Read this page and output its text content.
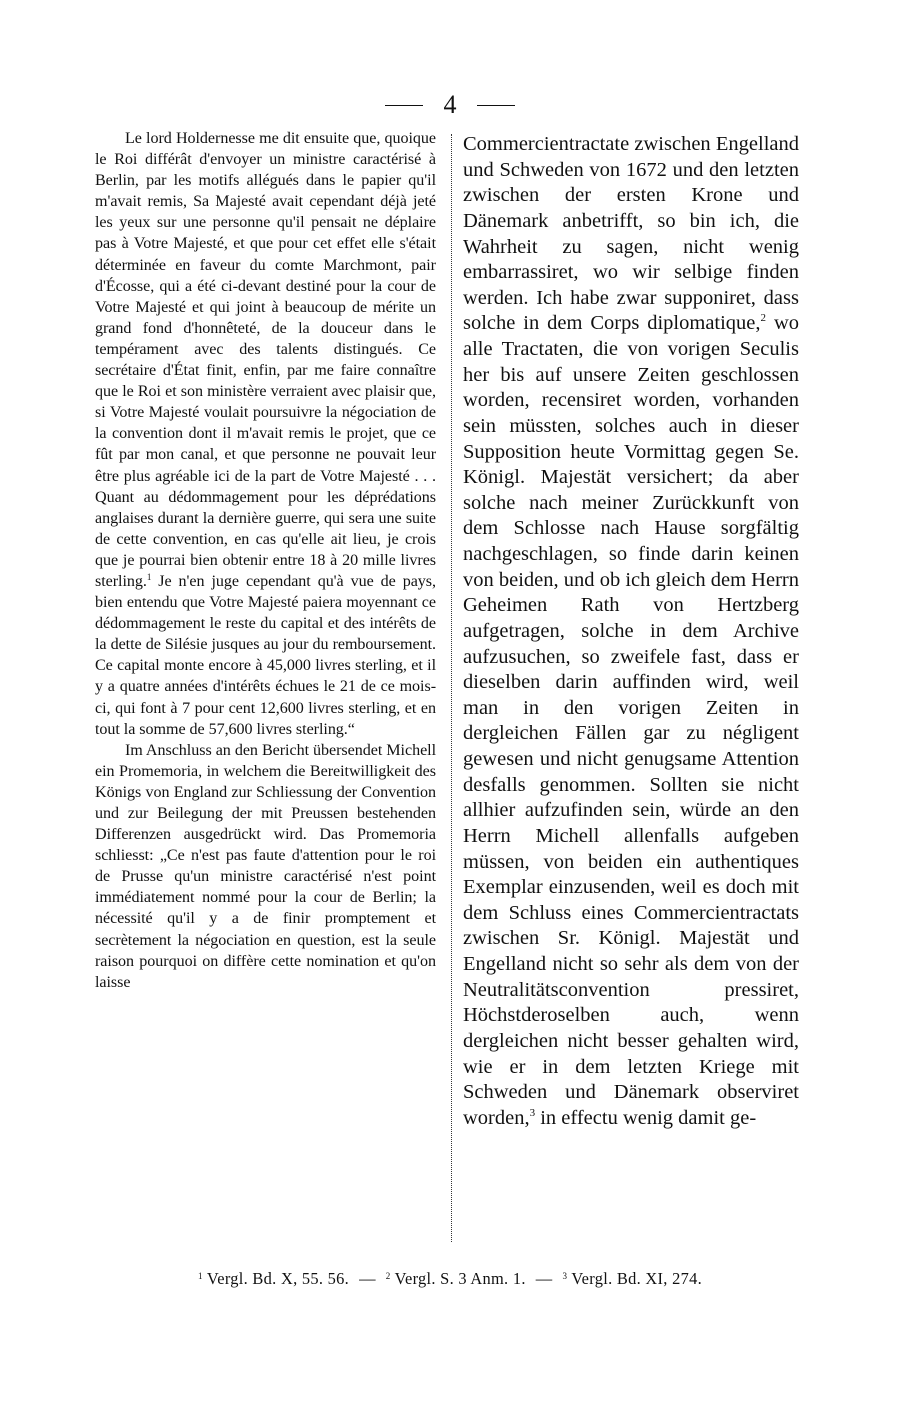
4

Le lord Holdernesse me dit ensuite que, quoique le Roi différât d'envoyer un ministre caractérisé à Berlin, par les motifs allégués dans le papier qu'il m'avait remis, Sa Majesté avait cependant déjà jeté les yeux sur une personne qu'il pensait ne déplaire pas à Votre Majesté, et que pour cet effet elle s'était déterminée en faveur du comte Marchmont, pair d'Écosse, qui a été ci-devant destiné pour la cour de Votre Majesté et qui joint à beaucoup de mérite un grand fond d'honnêteté, de la douceur dans le tempérament avec des talents distingués. Ce secrétaire d'État finit, enfin, par me faire connaître que le Roi et son ministère verraient avec plaisir que, si Votre Majesté voulait poursuivre la négociation de la convention dont il m'avait remis le projet, que ce fût par mon canal, et que personne ne pouvait leur être plus agréable ici de la part de Votre Majesté . . . Quant au dédommagement pour les déprédations anglaises durant la dernière guerre, qui sera une suite de cette convention, en cas qu'elle ait lieu, je crois que je pourrai bien obtenir entre 18 à 20 mille livres sterling.$^1$ Je n'en juge cependant qu'à vue de pays, bien entendu que Votre Majesté paiera moyennant ce dédommagement le reste du capital et des intérêts de la dette de Silésie jusques au jour du remboursement. Ce capital monte encore à 45,000 livres sterling, et il y a quatre années d'intérêts échues le 21 de ce mois-ci, qui font à 7 pour cent 12,600 livres sterling, et en tout la somme de 57,600 livres sterling.“

Im Anschluss an den Bericht übersendet Michell ein Promemoria, in welchem die Bereitwilligkeit des Königs von England zur Schliessung der Convention und zur Beilegung der mit Preussen bestehenden Differenzen ausgedrückt wird. Das Promemoria schliesst: „Ce n'est pas faute d'attention pour le roi de Prusse qu'un ministre caractérisé n'est point immédiatement nommé pour la cour de Berlin; la nécessité qu'il y a de finir promptement et secrètement la négociation en question, est la seule raison pourquoi on diffère cette nomination et qu'on laisse

Commercientractate zwischen Engelland und Schweden von 1672 und den letzten zwischen der ersten Krone und Dänemark anbetrifft, so bin ich, die Wahrheit zu sagen, nicht wenig embarrassiret, wo wir selbige finden werden. Ich habe zwar supponiret, dass solche in dem Corps diplomatique,$^2$ wo alle Tractaten, die von vorigen Seculis her bis auf unsere Zeiten geschlossen worden, recensiret worden, vorhanden sein müssten, solches auch in dieser Supposition heute Vormittag gegen Se. Königl. Majestät versichert; da aber solche nach meiner Zurückkunft von dem Schlosse nach Hause sorgfältig nachgeschlagen, so finde darin keinen von beiden, und ob ich gleich dem Herrn Geheimen Rath von Hertzberg aufgetragen, solche in dem Archive aufzusuchen, so zweifele fast, dass er dieselben darin auffinden wird, weil man in den vorigen Zeiten in dergleichen Fällen gar zu négligent gewesen und nicht genugsame Attention desfalls genommen. Sollten sie nicht allhier aufzufinden sein, würde an den Herrn Michell allenfalls aufgeben müssen, von beiden ein authentiques Exemplar einzusenden, weil es doch mit dem Schluss eines Commercientractats zwischen Sr. Königl. Majestät und Engelland nicht so sehr als dem von der Neutralitätsconvention pressiret, Höchstderoselben auch, wenn dergleichen nicht besser gehalten wird, wie er in dem letzten Kriege mit Schweden und Dänemark observiret worden,$^3$ in effectu wenig damit ge-

$^1$ Vergl. Bd. X, 55. 56. — $^2$ Vergl. S. 3 Anm. 1. — $^3$ Vergl. Bd. XI, 274.
